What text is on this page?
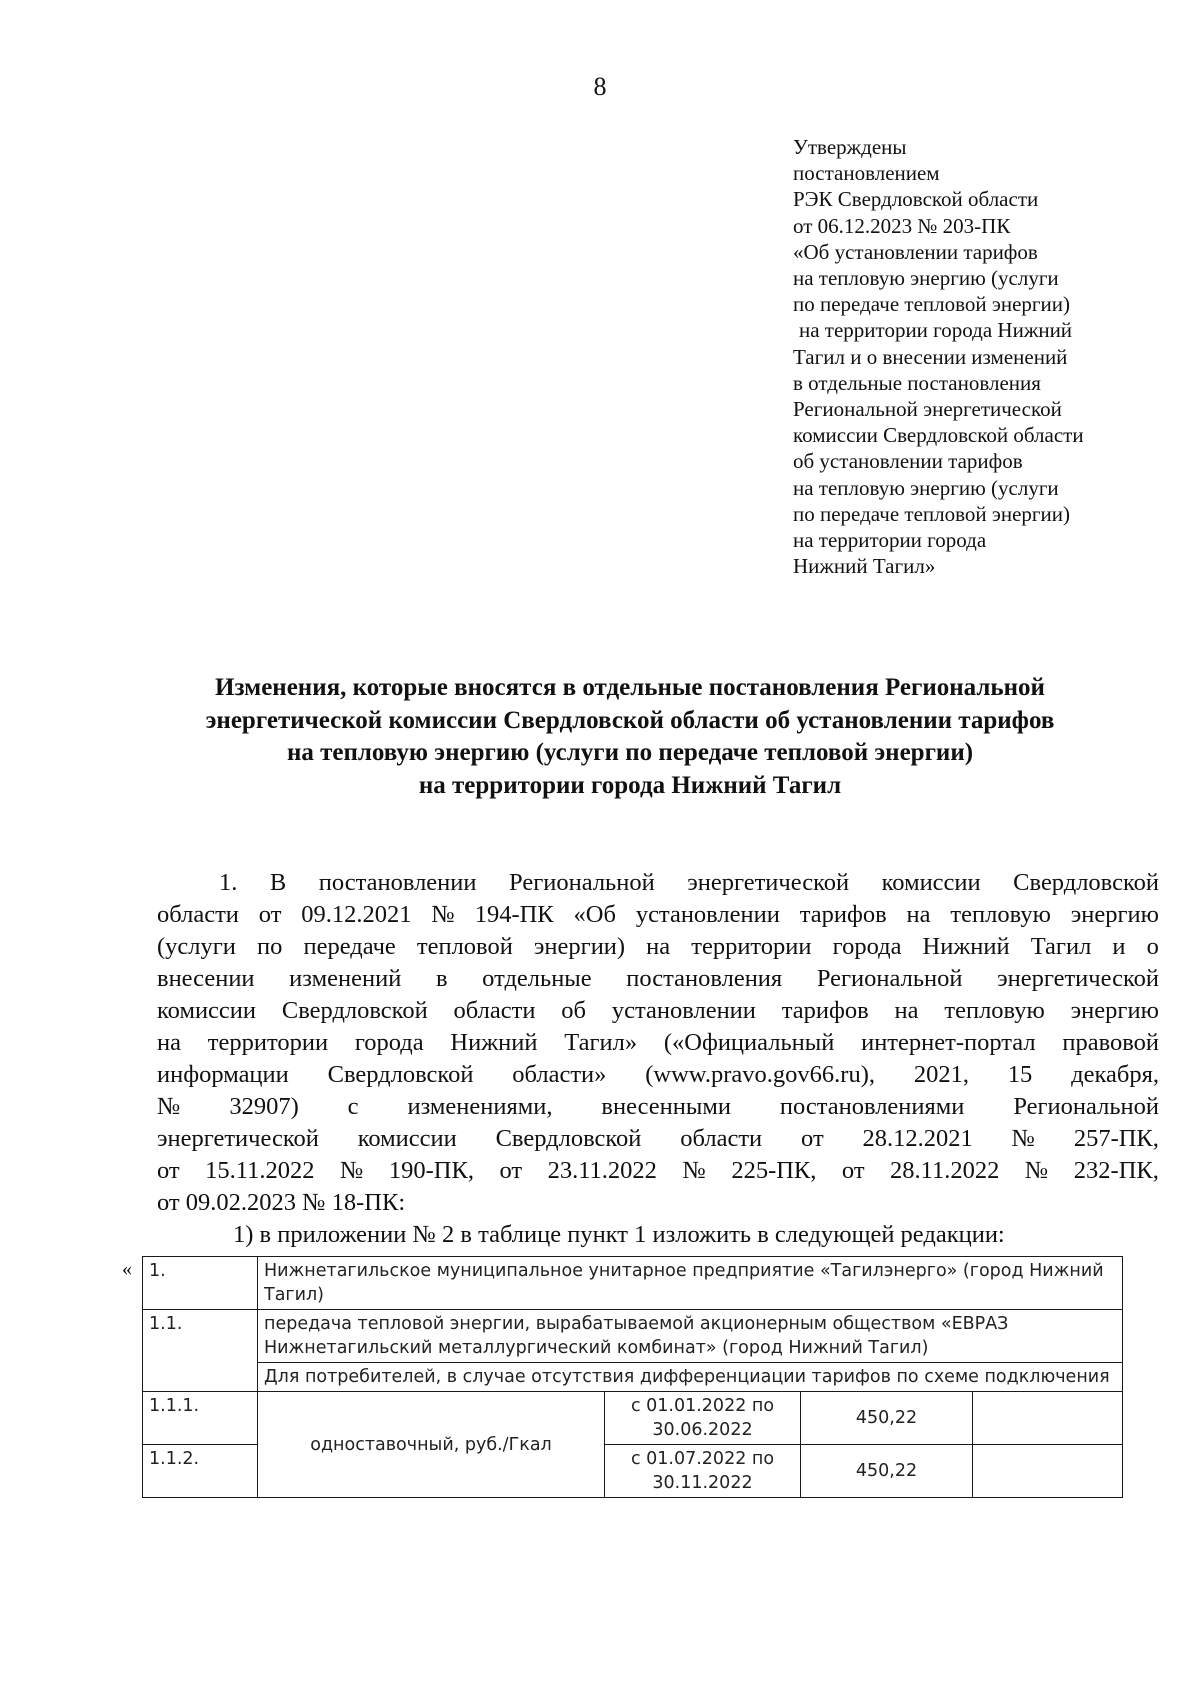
8
Утверждены
постановлением
РЭК Свердловской области
от 06.12.2023 № 203-ПК
«Об установлении тарифов
на тепловую энергию (услуги
по передаче тепловой энергии)
на территории города Нижний
Тагил и о внесении изменений
в отдельные постановления
Региональной энергетической
комиссии Свердловской области
об установлении тарифов
на тепловую энергию (услуги
по передаче тепловой энергии)
на территории города
Нижний Тагил»
Изменения, которые вносятся в отдельные постановления Региональной
энергетической комиссии Свердловской области об установлении тарифов
на тепловую энергию (услуги по передаче тепловой энергии)
на территории города Нижний Тагил
1. В постановлении Региональной энергетической комиссии Свердловской
области от 09.12.2021 № 194-ПК «Об установлении тарифов на тепловую энергию
(услуги по передаче тепловой энергии) на территории города Нижний Тагил и о
внесении изменений в отдельные постановления Региональной энергетической
комиссии Свердловской области об установлении тарифов на тепловую энергию
на территории города Нижний Тагил» («Официальный интернет-портал правовой
информации Свердловской области» (www.pravo.gov66.ru), 2021, 15 декабря,
№ 32907) с изменениями, внесенными постановлениями Региональной
энергетической комиссии Свердловской области от 28.12.2021 № 257-ПК,
от 15.11.2022 № 190-ПК, от 23.11.2022 № 225-ПК, от 28.11.2022 № 232-ПК,
от 09.02.2023 № 18-ПК:
1) в приложении № 2 в таблице пункт 1 изложить в следующей редакции:
« 1.	Нижнетагильское муниципальное унитарное предприятие «Тагилэнерго» (город Нижний Тагил)			
1.1.	передача тепловой энергии, вырабатываемой акционерным обществом «ЕВРАЗ Нижнетагильский металлургический комбинат» (город Нижний Тагил)			
	Для потребителей, в случае отсутствия дифференциации тарифов по схеме подключения			
1.1.1.	одноставочный, руб./Гкал	с 01.01.2022 по 30.06.2022	450,22	
1.1.2.		с 01.07.2022 по 30.11.2022	450,22	
